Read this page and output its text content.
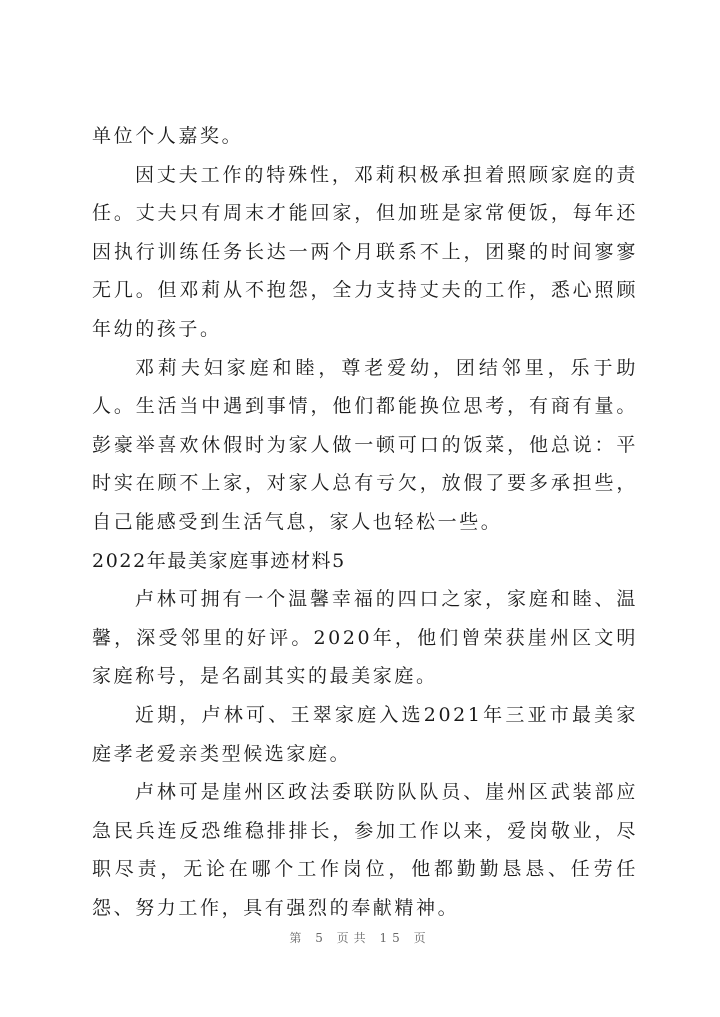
单位个人嘉奖。

因丈夫工作的特殊性，邓莉积极承担着照顾家庭的责任。丈夫只有周末才能回家，但加班是家常便饭，每年还因执行训练任务长达一两个月联系不上，团聚的时间寥寥无几。但邓莉从不抱怨，全力支持丈夫的工作，悉心照顾年幼的孩子。

邓莉夫妇家庭和睦，尊老爱幼，团结邻里，乐于助人。生活当中遇到事情，他们都能换位思考，有商有量。彭豪举喜欢休假时为家人做一顿可口的饭菜，他总说：平时实在顾不上家，对家人总有亏欠，放假了要多承担些，自己能感受到生活气息，家人也轻松一些。

2022年最美家庭事迹材料5

卢林可拥有一个温馨幸福的四口之家，家庭和睦、温馨，深受邻里的好评。2020年，他们曾荣获崖州区文明家庭称号，是名副其实的最美家庭。

近期，卢林可、王翠家庭入选2021年三亚市最美家庭孝老爱亲类型候选家庭。

卢林可是崖州区政法委联防队队员、崖州区武装部应急民兵连反恐维稳排排长，参加工作以来，爱岗敬业，尽职尽责，无论在哪个工作岗位，他都勤勤恳恳、任劳任怨、努力工作，具有强烈的奉献精神。

第 5 页共 15 页
